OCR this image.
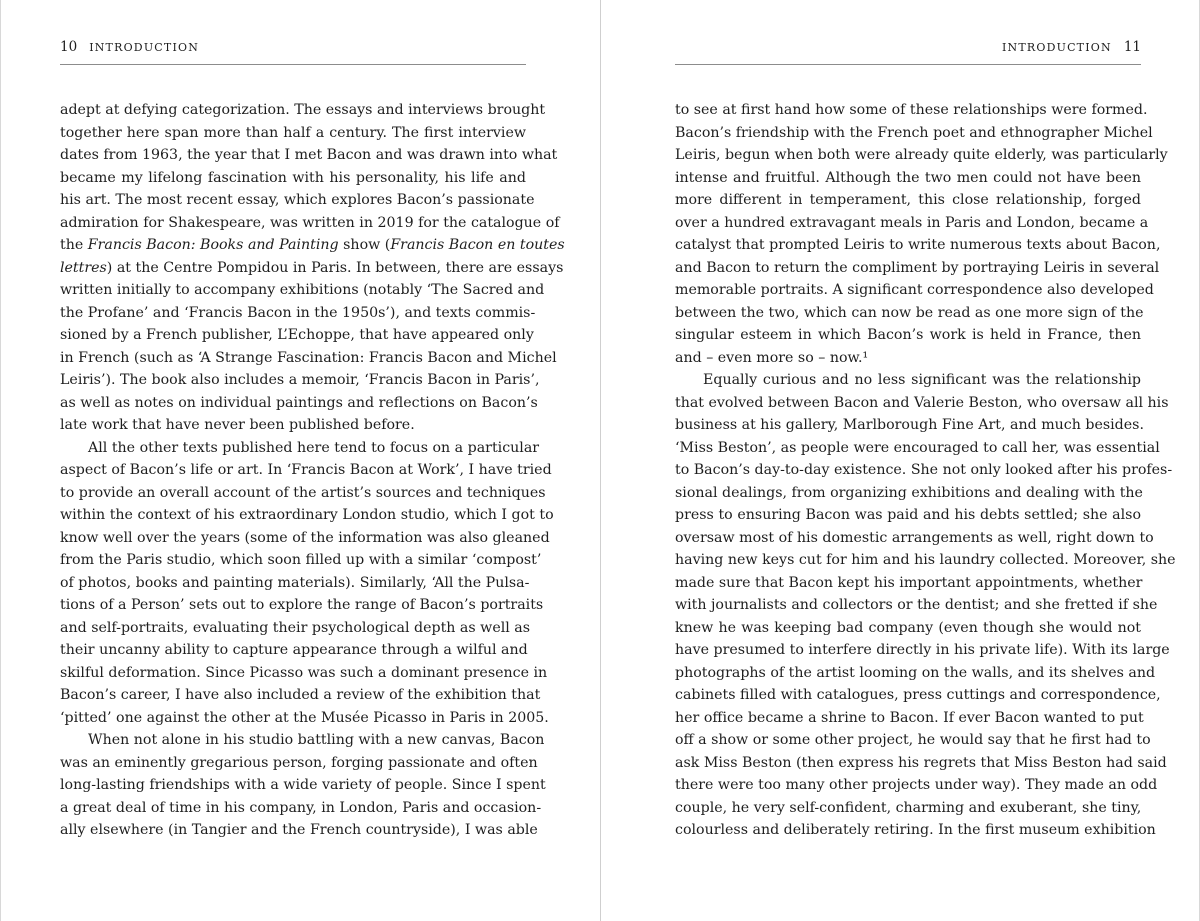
10 INTRODUCTION
adept at defying categorization. The essays and interviews brought
together here span more than half a century. The first interview
dates from 1963, the year that I met Bacon and was drawn into what
became my lifelong fascination with his personality, his life and
his art. The most recent essay, which explores Bacon’s passionate
admiration for Shakespeare, was written in 2019 for the catalogue of
the Francis Bacon: Books and Painting show (Francis Bacon en toutes
lettres) at the Centre Pompidou in Paris. In between, there are essays
written initially to accompany exhibitions (notably ‘The Sacred and
the Profane’ and ‘Francis Bacon in the 1950s’), and texts commis-
sioned by a French publisher, L’Echoppe, that have appeared only
in French (such as ‘A Strange Fascination: Francis Bacon and Michel
Leiris’). The book also includes a memoir, ‘Francis Bacon in Paris’,
as well as notes on individual paintings and reflections on Bacon’s
late work that have never been published before.
All the other texts published here tend to focus on a particular
aspect of Bacon’s life or art. In ‘Francis Bacon at Work’, I have tried
to provide an overall account of the artist’s sources and techniques
within the context of his extraordinary London studio, which I got to
know well over the years (some of the information was also gleaned
from the Paris studio, which soon filled up with a similar ‘compost’
of photos, books and painting materials). Similarly, ‘All the Pulsa-
tions of a Person’ sets out to explore the range of Bacon’s portraits
and self-portraits, evaluating their psychological depth as well as
their uncanny ability to capture appearance through a wilful and
skilful deformation. Since Picasso was such a dominant presence in
Bacon’s career, I have also included a review of the exhibition that
‘pitted’ one against the other at the Musée Picasso in Paris in 2005.
When not alone in his studio battling with a new canvas, Bacon
was an eminently gregarious person, forging passionate and often
long-lasting friendships with a wide variety of people. Since I spent
a great deal of time in his company, in London, Paris and occasion-
ally elsewhere (in Tangier and the French countryside), I was able
INTRODUCTION 11
to see at first hand how some of these relationships were formed.
Bacon’s friendship with the French poet and ethnographer Michel
Leiris, begun when both were already quite elderly, was particularly
intense and fruitful. Although the two men could not have been
more different in temperament, this close relationship, forged
over a hundred extravagant meals in Paris and London, became a
catalyst that prompted Leiris to write numerous texts about Bacon,
and Bacon to return the compliment by portraying Leiris in several
memorable portraits. A significant correspondence also developed
between the two, which can now be read as one more sign of the
singular esteem in which Bacon’s work is held in France, then
and – even more so – now.¹
Equally curious and no less significant was the relationship
that evolved between Bacon and Valerie Beston, who oversaw all his
business at his gallery, Marlborough Fine Art, and much besides.
‘Miss Beston’, as people were encouraged to call her, was essential
to Bacon’s day-to-day existence. She not only looked after his profes-
sional dealings, from organizing exhibitions and dealing with the
press to ensuring Bacon was paid and his debts settled; she also
oversaw most of his domestic arrangements as well, right down to
having new keys cut for him and his laundry collected. Moreover, she
made sure that Bacon kept his important appointments, whether
with journalists and collectors or the dentist; and she fretted if she
knew he was keeping bad company (even though she would not
have presumed to interfere directly in his private life). With its large
photographs of the artist looming on the walls, and its shelves and
cabinets filled with catalogues, press cuttings and correspondence,
her office became a shrine to Bacon. If ever Bacon wanted to put
off a show or some other project, he would say that he first had to
ask Miss Beston (then express his regrets that Miss Beston had said
there were too many other projects under way). They made an odd
couple, he very self-confident, charming and exuberant, she tiny,
colourless and deliberately retiring. In the first museum exhibition
